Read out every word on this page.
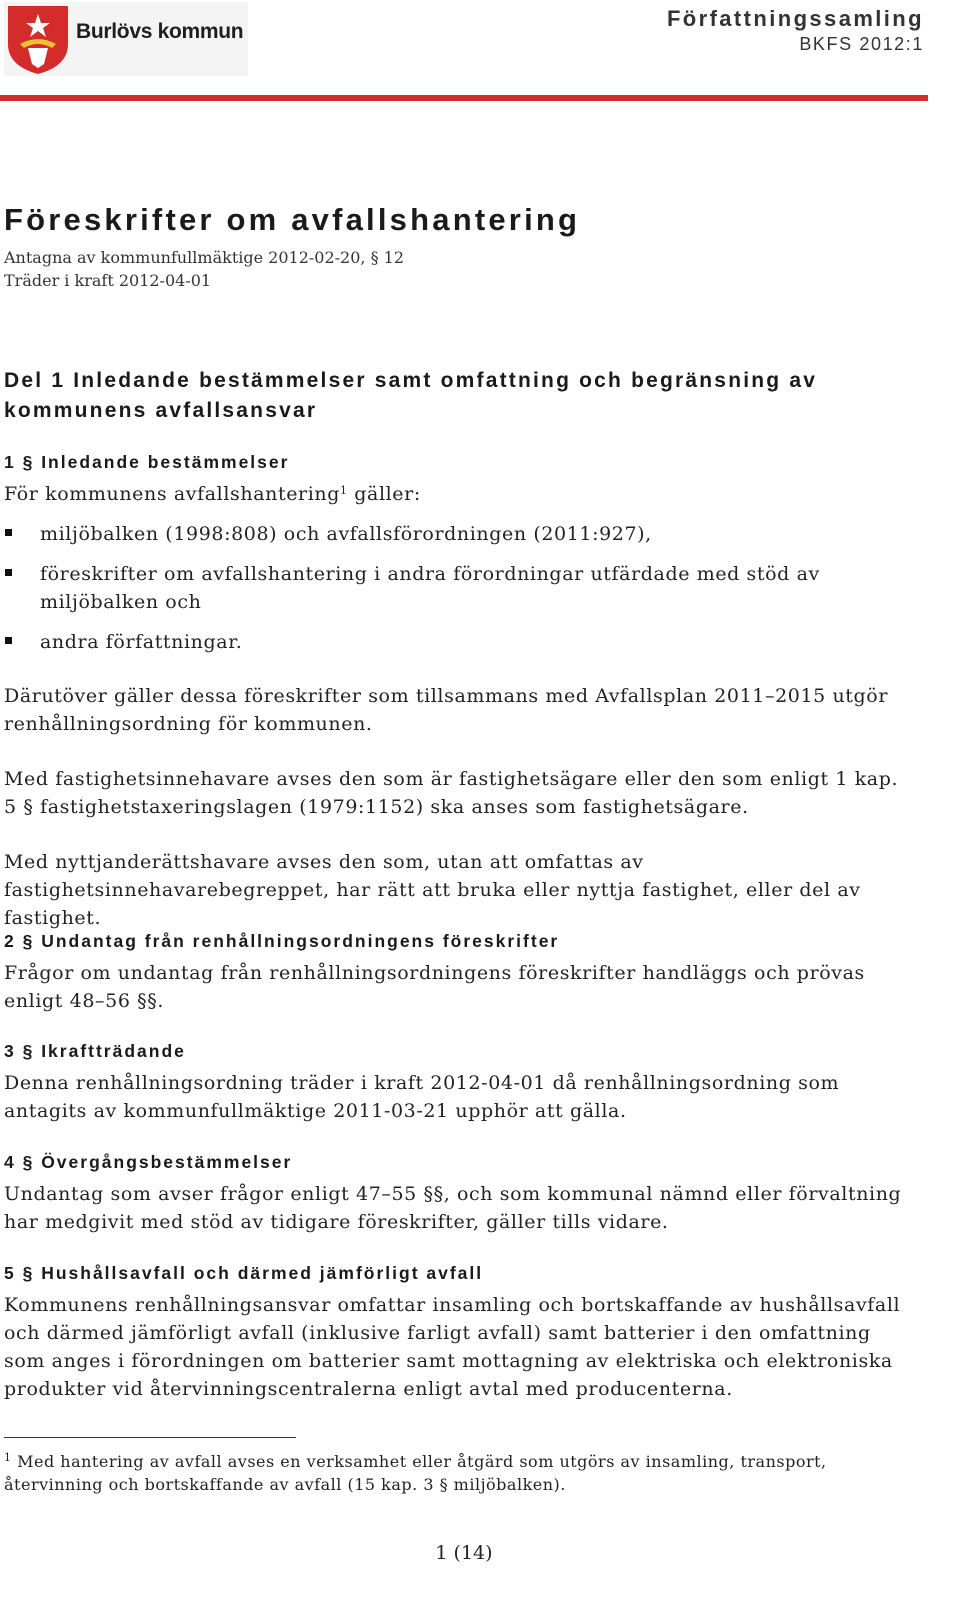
Burlövs kommun
Författningssamling
BKFS 2012:1
Föreskrifter om avfallshantering
Antagna av kommunfullmäktige 2012-02-20, § 12
Träder i kraft 2012-04-01
Del 1 Inledande bestämmelser samt omfattning och begränsning av kommunens avfallsansvar
1 § Inledande bestämmelser

För kommunens avfallshantering$^1$ gäller:

miljöbalken (1998:808) och avfallsförordningen (2011:927),
föreskrifter om avfallshantering i andra förordningar utfärdade med stöd av miljöbalken och
andra författningar.

Därutöver gäller dessa föreskrifter som tillsammans med Avfallsplan 2011–2015 utgör renhållningsordning för kommunen.

Med fastighetsinnehavare avses den som är fastighetsägare eller den som enligt 1 kap. 5 § fastighetstaxeringslagen (1979:1152) ska anses som fastighetsägare.

Med nyttjanderättshavare avses den som, utan att omfattas av fastighetsinnehavarebegreppet, har rätt att bruka eller nyttja fastighet, eller del av fastighet.

2 § Undantag från renhållningsordningens föreskrifter

Frågor om undantag från renhållningsordningens föreskrifter handläggs och prövas enligt 48–56 §§.

3 § Ikraftträdande

Denna renhållningsordning träder i kraft 2012-04-01 då renhållningsordning som antagits av kommunfullmäktige 2011-03-21 upphör att gälla.

4 § Övergångsbestämmelser

Undantag som avser frågor enligt 47–55 §§, och som kommunal nämnd eller förvaltning har medgivit med stöd av tidigare föreskrifter, gäller tills vidare.

5 § Hushållsavfall och därmed jämförligt avfall

Kommunens renhållningsansvar omfattar insamling och bortskaffande av hushållsavfall och därmed jämförligt avfall (inklusive farligt avfall) samt batterier i den omfattning som anges i förordningen om batterier samt mottagning av elektriska och elektroniska produkter vid återvinningscentralerna enligt avtal med producenterna.

$^1$ Med hantering av avfall avses en verksamhet eller åtgärd som utgörs av insamling, transport, återvinning och bortskaffande av avfall (15 kap. 3 § miljöbalken).

1 (14)
